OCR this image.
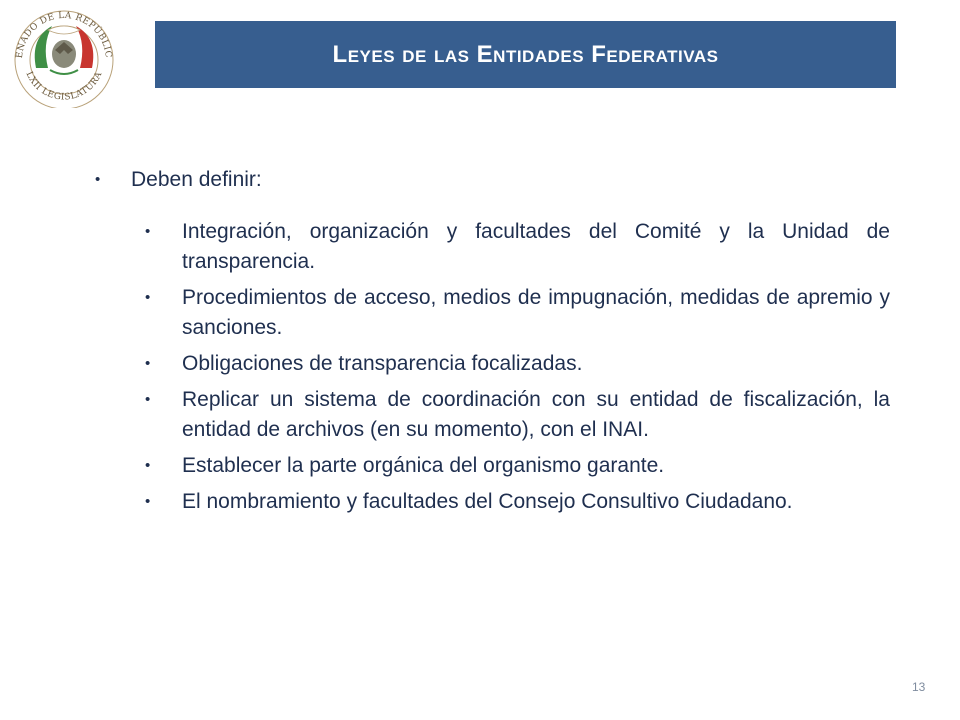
ENADO DE LA REPÚBLIC
LXII LEGISLATURA
Leyes de las Entidades Federativas
•	Deben definir:
•	Integración, organización y facultades del Comité y la Unidad de transparencia.
•	Procedimientos de acceso, medios de impugnación, medidas de apremio y sanciones.
•	Obligaciones de transparencia focalizadas.
•	Replicar un sistema de coordinación con su entidad de fiscalización, la entidad de archivos (en su momento), con el INAI.
•	Establecer la parte orgánica del organismo garante.
•	El nombramiento y facultades del Consejo Consultivo Ciudadano.
13
